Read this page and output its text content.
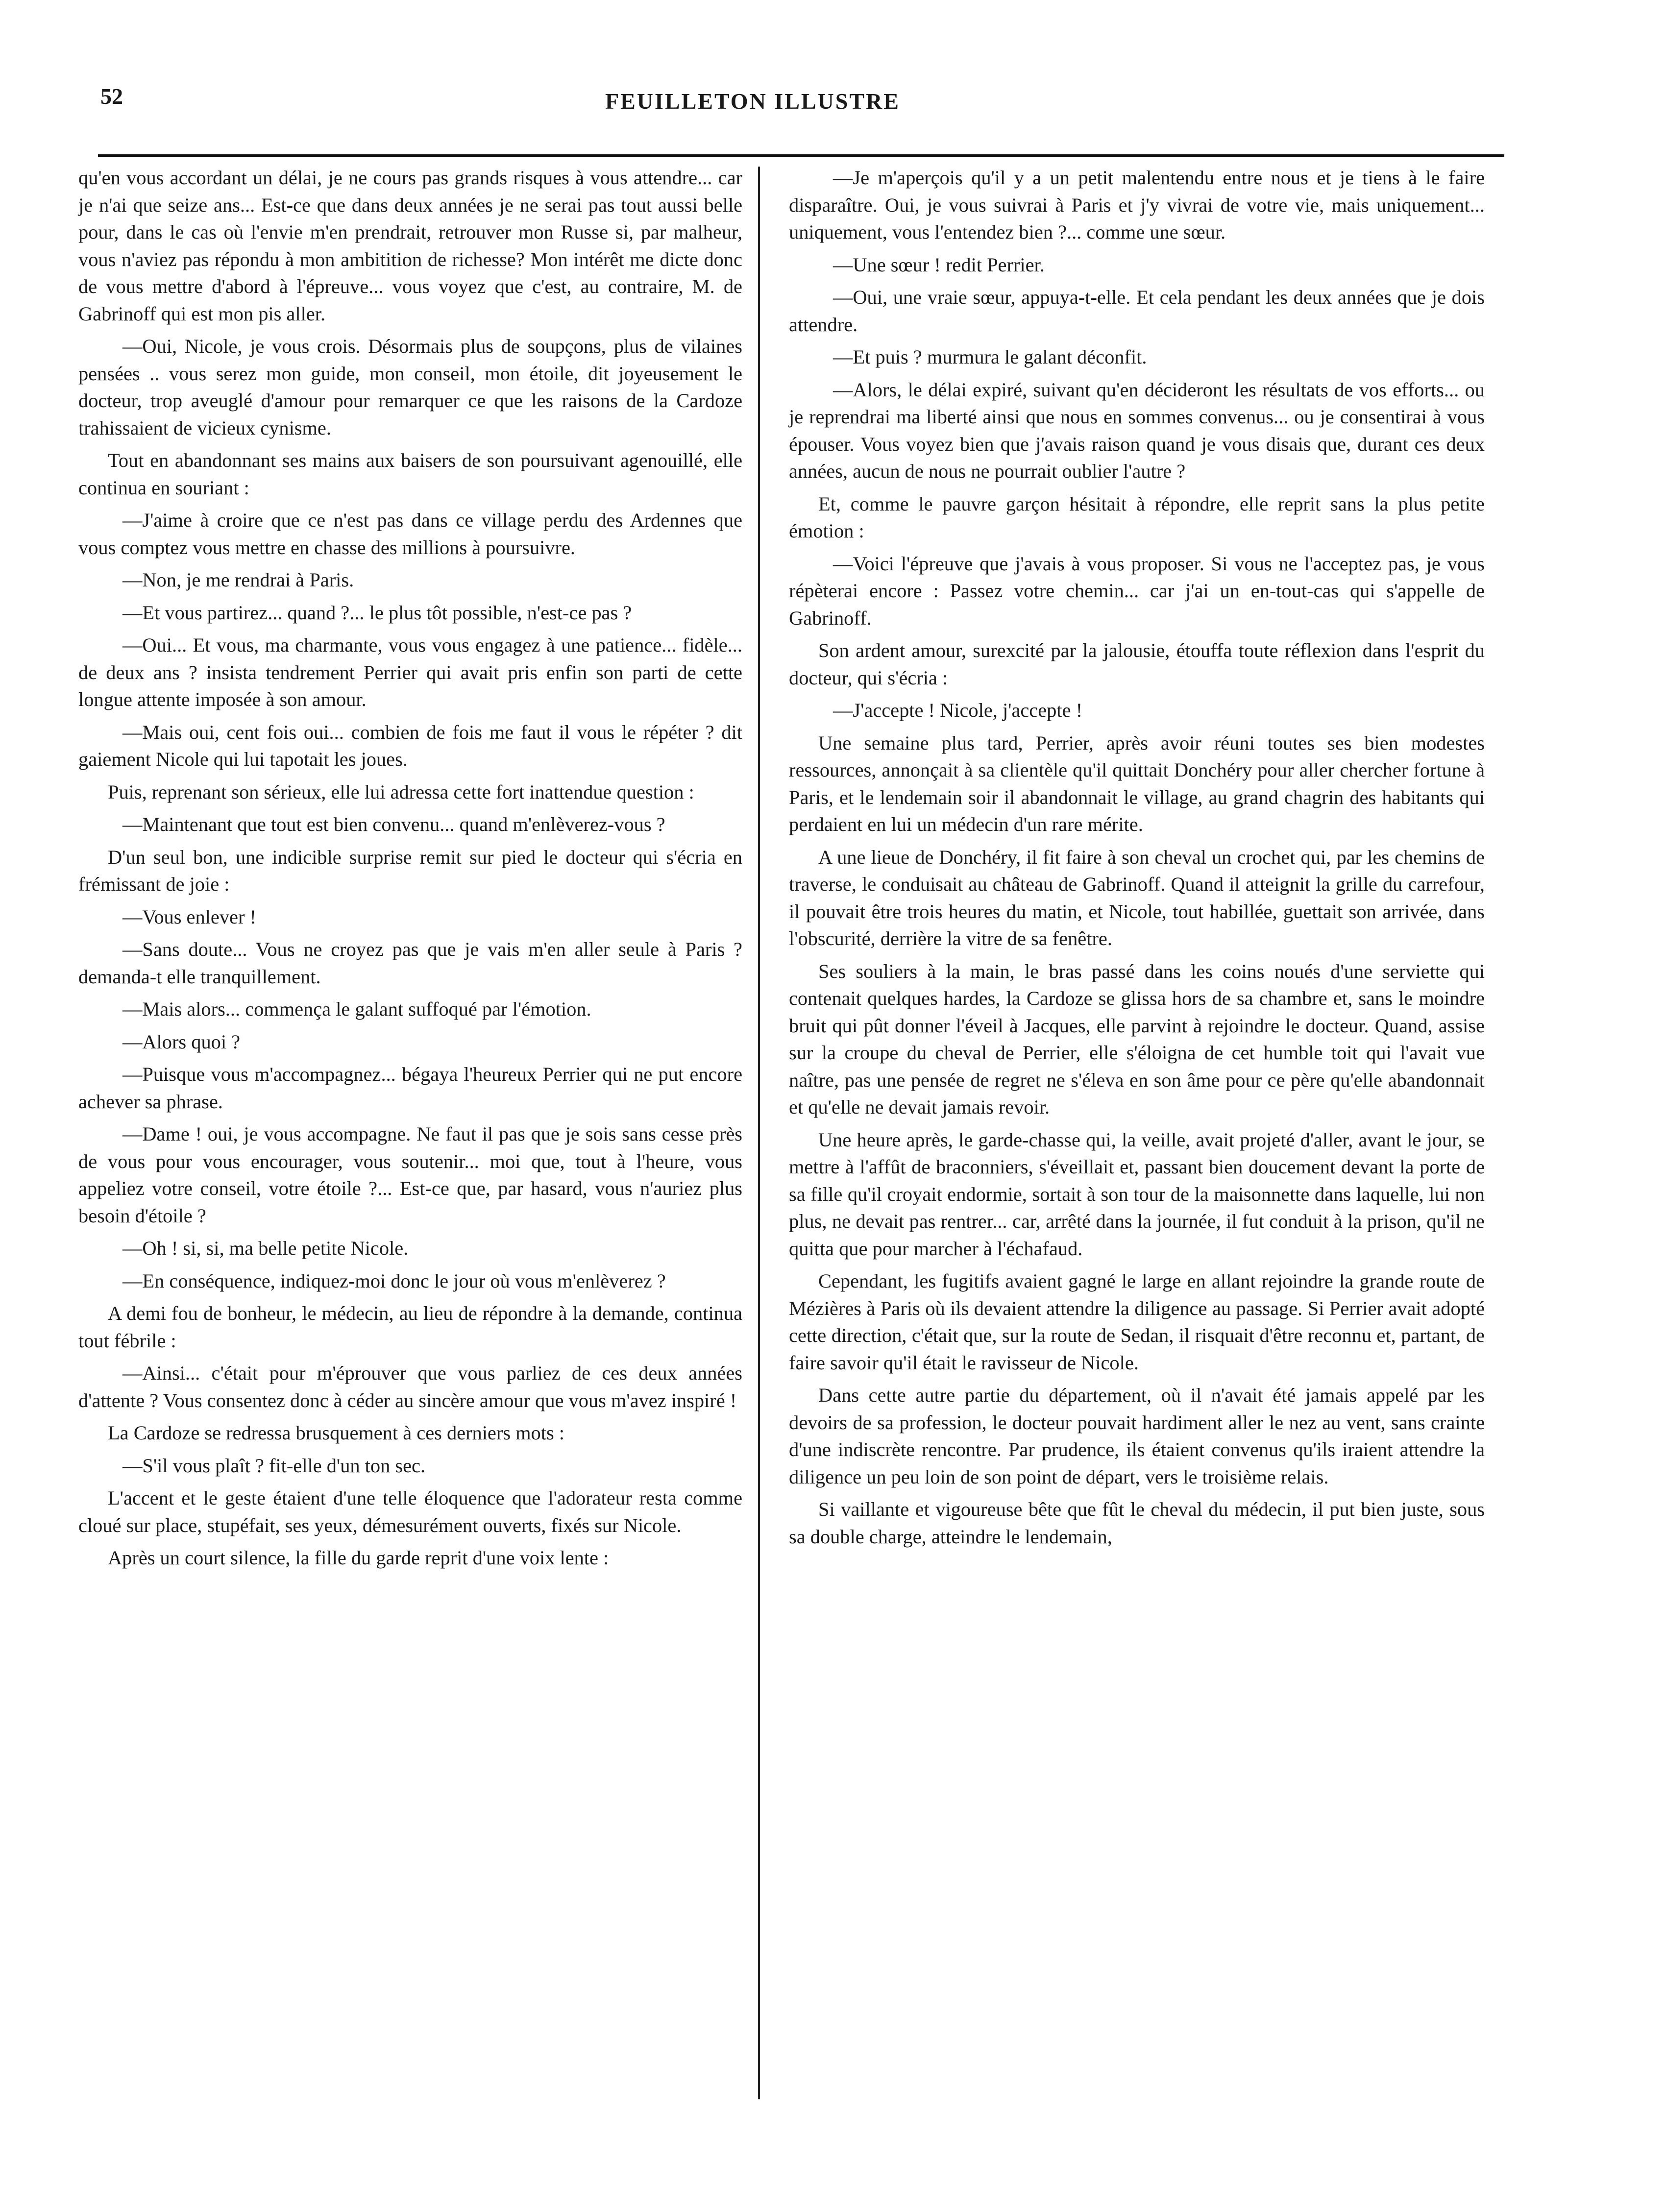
52	FEUILLETON ILLUSTRE

qu'en vous accordant un délai, je ne cours pas grands risques à vous attendre... car je n'ai que seize ans... Est-ce que dans deux années je ne serai pas tout aussi belle pour, dans le cas où l'envie m'en prendrait, retrouver mon Russe si, par malheur, vous n'aviez pas répondu à mon ambitition de richesse? Mon intérêt me dicte donc de vous mettre d'abord à l'épreuve... vous voyez que c'est, au contraire, M. de Gabrinoff qui est mon pis aller.

—Oui, Nicole, je vous crois. Désormais plus de soupçons, plus de vilaines pensées .. vous serez mon guide, mon conseil, mon étoile, dit joyeusement le docteur, trop aveuglé d'amour pour remarquer ce que les raisons de la Cardoze trahissaient de vicieux cynisme.

Tout en abandonnant ses mains aux baisers de son poursuivant agenouillé, elle continua en souriant :

—J'aime à croire que ce n'est pas dans ce village perdu des Ardennes que vous comptez vous mettre en chasse des millions à poursuivre.

—Non, je me rendrai à Paris.

—Et vous partirez... quand ?... le plus tôt possible, n'est-ce pas ?

—Oui... Et vous, ma charmante, vous vous engagez à une patience... fidèle... de deux ans ? insista tendrement Perrier qui avait pris enfin son parti de cette longue attente imposée à son amour.

—Mais oui, cent fois oui... combien de fois me faut il vous le répéter ? dit gaiement Nicole qui lui tapotait les joues.

Puis, reprenant son sérieux, elle lui adressa cette fort inattendue question :

—Maintenant que tout est bien convenu... quand m'enlèverez-vous ?

D'un seul bon, une indicible surprise remit sur pied le docteur qui s'écria en frémissant de joie :

—Vous enlever !

—Sans doute... Vous ne croyez pas que je vais m'en aller seule à Paris ? demanda-t elle tranquillement.

—Mais alors... commença le galant suffoqué par l'émotion.

—Alors quoi ?

—Puisque vous m'accompagnez... bégaya l'heureux Perrier qui ne put encore achever sa phrase.

—Dame ! oui, je vous accompagne. Ne faut il pas que je sois sans cesse près de vous pour vous encourager, vous soutenir... moi que, tout à l'heure, vous appeliez votre conseil, votre étoile ?... Est-ce que, par hasard, vous n'auriez plus besoin d'étoile ?

—Oh ! si, si, ma belle petite Nicole.

—En conséquence, indiquez-moi donc le jour où vous m'enlèverez ?

A demi fou de bonheur, le médecin, au lieu de répondre à la demande, continua tout fébrile :

—Ainsi... c'était pour m'éprouver que vous parliez de ces deux années d'attente ? Vous consentez donc à céder au sincère amour que vous m'avez inspiré !

La Cardoze se redressa brusquement à ces derniers mots :

—S'il vous plaît ? fit-elle d'un ton sec.

L'accent et le geste étaient d'une telle éloquence que l'adorateur resta comme cloué sur place, stupéfait, ses yeux, démesurément ouverts, fixés sur Nicole.

Après un court silence, la fille du garde reprit d'une voix lente :

—Je m'aperçois qu'il y a un petit malentendu entre nous et je tiens à le faire disparaître. Oui, je vous suivrai à Paris et j'y vivrai de votre vie, mais uniquement... uniquement, vous l'entendez bien ?... comme une sœur.

—Une sœur ! redit Perrier.

—Oui, une vraie sœur, appuya-t-elle. Et cela pendant les deux années que je dois attendre.

—Et puis ? murmura le galant déconfit.

—Alors, le délai expiré, suivant qu'en décideront les résultats de vos efforts... ou je reprendrai ma liberté ainsi que nous en sommes convenus... ou je consentirai à vous épouser. Vous voyez bien que j'avais raison quand je vous disais que, durant ces deux années, aucun de nous ne pourrait oublier l'autre ?

Et, comme le pauvre garçon hésitait à répondre, elle reprit sans la plus petite émotion :

—Voici l'épreuve que j'avais à vous proposer. Si vous ne l'acceptez pas, je vous répèterai encore : Passez votre chemin... car j'ai un en-tout-cas qui s'appelle de Gabrinoff.

Son ardent amour, surexcité par la jalousie, étouffa toute réflexion dans l'esprit du docteur, qui s'écria :

—J'accepte ! Nicole, j'accepte !

Une semaine plus tard, Perrier, après avoir réuni toutes ses bien modestes ressources, annonçait à sa clientèle qu'il quittait Donchéry pour aller chercher fortune à Paris, et le lendemain soir il abandonnait le village, au grand chagrin des habitants qui perdaient en lui un médecin d'un rare mérite.

A une lieue de Donchéry, il fit faire à son cheval un crochet qui, par les chemins de traverse, le conduisait au château de Gabrinoff. Quand il atteignit la grille du carrefour, il pouvait être trois heures du matin, et Nicole, tout habillée, guettait son arrivée, dans l'obscurité, derrière la vitre de sa fenêtre.

Ses souliers à la main, le bras passé dans les coins noués d'une serviette qui contenait quelques hardes, la Cardoze se glissa hors de sa chambre et, sans le moindre bruit qui pût donner l'éveil à Jacques, elle parvint à rejoindre le docteur. Quand, assise sur la croupe du cheval de Perrier, elle s'éloigna de cet humble toit qui l'avait vue naître, pas une pensée de regret ne s'éleva en son âme pour ce père qu'elle abandonnait et qu'elle ne devait jamais revoir.

Une heure après, le garde-chasse qui, la veille, avait projeté d'aller, avant le jour, se mettre à l'affût de braconniers, s'éveillait et, passant bien doucement devant la porte de sa fille qu'il croyait endormie, sortait à son tour de la maisonnette dans laquelle, lui non plus, ne devait pas rentrer... car, arrêté dans la journée, il fut conduit à la prison, qu'il ne quitta que pour marcher à l'échafaud.

Cependant, les fugitifs avaient gagné le large en allant rejoindre la grande route de Mézières à Paris où ils devaient attendre la diligence au passage. Si Perrier avait adopté cette direction, c'était que, sur la route de Sedan, il risquait d'être reconnu et, partant, de faire savoir qu'il était le ravisseur de Nicole.

Dans cette autre partie du département, où il n'avait été jamais appelé par les devoirs de sa profession, le docteur pouvait hardiment aller le nez au vent, sans crainte d'une indiscrète rencontre. Par prudence, ils étaient convenus qu'ils iraient attendre la diligence un peu loin de son point de départ, vers le troisième relais.

Si vaillante et vigoureuse bête que fût le cheval du médecin, il put bien juste, sous sa double charge, atteindre le lendemain,
